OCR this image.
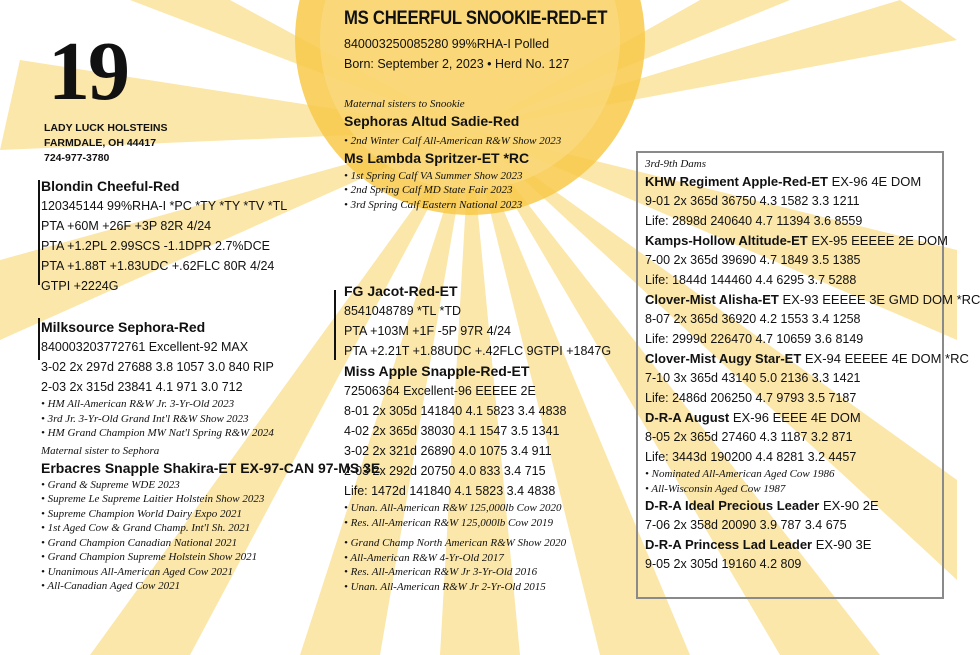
19
LADY LUCK HOLSTEINS
FARMDALE, OH 44417
724-977-3780
MS CHEERFUL SNOOKIE-RED-ET
840003250085280 99%RHA-I Polled
Born: September 2, 2023 • Herd No. 127
Maternal sisters to Snookie
Sephoras Altud Sadie-Red
• 2nd Winter Calf All-American R&W Show 2023
Ms Lambda Spritzer-ET *RC
• 1st Spring Calf VA Summer Show 2023
• 2nd Spring Calf MD State Fair 2023
• 3rd Spring Calf Eastern National 2023
Blondin Cheeful-Red
120345144 99%RHA-I *PC *TY *TY *TV *TL
PTA +60M +26F +3P 82R 4/24
PTA +1.2PL 2.99SCS -1.1DPR 2.7%DCE
PTA +1.88T +1.83UDC +.62FLC 80R 4/24
GTPI +2224G
Milksource Sephora-Red
840003203772761 Excellent-92 MAX
3-02 2x 297d 27688 3.8 1057 3.0 840 RIP
2-03 2x 315d 23841 4.1 971 3.0 712
• HM All-American R&W Jr. 3-Yr-Old 2023
• 3rd Jr. 3-Yr-Old Grand Int'l R&W Show 2023
• HM Grand Champion MW Nat'l Spring R&W 2024
Maternal sister to Sephora
Erbacres Snapple Shakira-ET EX-97-CAN 97-MS 3E
• Grand & Supreme WDE 2023
• Supreme Le Supreme Laitier Holstein Show 2023
• Supreme Champion World Dairy Expo 2021
• 1st Aged Cow & Grand Champ. Int'l Sh. 2021
• Grand Champion Canadian National 2021
• Grand Champion Supreme Holstein Show 2021
• Unanimous All-American Aged Cow 2021
• All-Canadian Aged Cow 2021
FG Jacot-Red-ET
8541048789 *TL *TD
PTA +103M +1F -5P 97R 4/24
PTA +2.21T +1.88UDC +.42FLC 9GTPI +1847G
Miss Apple Snapple-Red-ET
72506364 Excellent-96 EEEEE 2E
8-01 2x 305d 141840 4.1 5823 3.4 4838
4-02 2x 365d 38030 4.1 1547 3.5 1341
3-02 2x 321d 26890 4.0 1075 3.4 911
2-03 2x 292d 20750 4.0 833 3.4 715
Life: 1472d 141840 4.1 5823 3.4 4838
• Unan. All-American R&W 125,000lb Cow 2020
• Res. All-American R&W 125,000lb Cow 2019
• Grand Champ North American R&W Show 2020
• All-American R&W 4-Yr-Old 2017
• Res. All-American R&W Jr 3-Yr-Old 2016
• Unan. All-American R&W Jr 2-Yr-Old 2015
3rd-9th Dams
KHW Regiment Apple-Red-ET EX-96 4E DOM
9-01 2x 365d 36750 4.3 1582 3.3 1211
Life: 2898d 240640 4.7 11394 3.6 8559
Kamps-Hollow Altitude-ET EX-95 EEEEE 2E DOM
7-00 2x 365d 39690 4.7 1849 3.5 1385
Life: 1844d 144460 4.4 6295 3.7 5288
Clover-Mist Alisha-ET EX-93 EEEEE 3E GMD DOM *RC
8-07 2x 365d 36920 4.2 1553 3.4 1258
Life: 2999d 226470 4.7 10659 3.6 8149
Clover-Mist Augy Star-ET EX-94 EEEEE 4E DOM *RC
7-10 3x 365d 43140 5.0 2136 3.3 1421
Life: 2486d 206250 4.7 9793 3.5 7187
D-R-A August EX-96 EEEE 4E DOM
8-05 2x 365d 27460 4.3 1187 3.2 871
Life: 3443d 190200 4.4 8281 3.2 4457
• Nominated All-American Aged Cow 1986
• All-Wisconsin Aged Cow 1987
D-R-A Ideal Precious Leader EX-90 2E
7-06 2x 358d 20090 3.9 787 3.4 675
D-R-A Princess Lad Leader EX-90 3E
9-05 2x 305d 19160 4.2 809
